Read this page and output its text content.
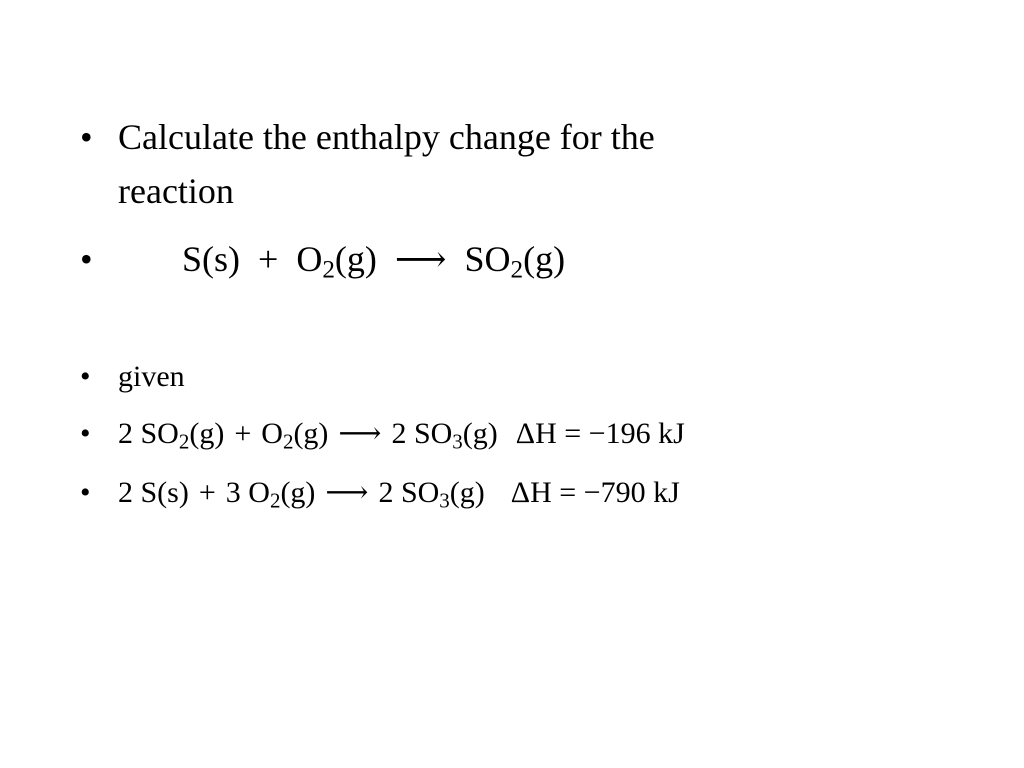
• Calculate the enthalpy change for the
reaction
• $S(s) + O_2(g)$ ⟶ $SO_2(g)$
• given
• 2 $SO_2(g) + O_2(g)$ ⟶ 2 $SO_3(g) \Delta H = -196$ kJ
• 2 S(s) + 3 $O_2(g)$ ⟶ 2 $SO_3(g) \Delta H = -790$ kJ
